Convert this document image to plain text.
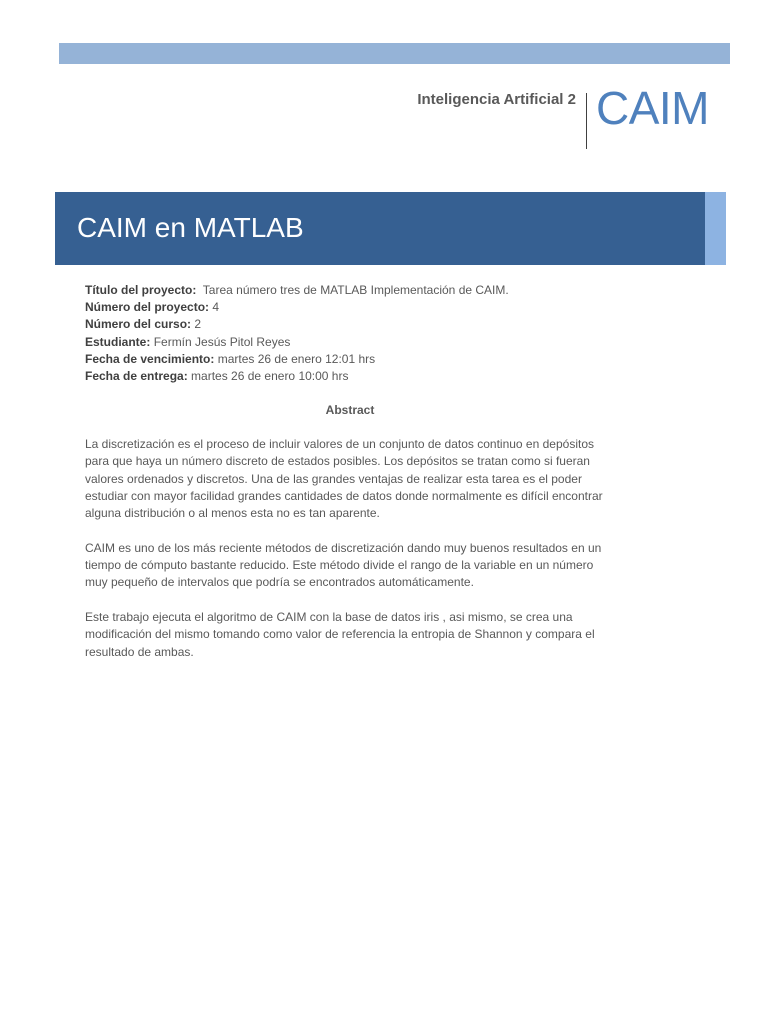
Inteligencia Artificial 2 CAIM
CAIM en MATLAB
Título del proyecto: Tarea número tres de MATLAB Implementación de CAIM.
Número del proyecto: 4
Número del curso: 2
Estudiante: Fermín Jesús Pitol Reyes
Fecha de vencimiento: martes 26 de enero 12:01 hrs
Fecha de entrega: martes 26 de enero 10:00 hrs
Abstract

La discretización es el proceso de incluir valores de un conjunto de datos continuo en depósitos para que haya un número discreto de estados posibles. Los depósitos se tratan como si fueran valores ordenados y discretos. Una de las grandes ventajas de realizar esta tarea es el poder estudiar con mayor facilidad grandes cantidades de datos donde normalmente es difícil encontrar alguna distribución o al menos esta no es tan aparente.

CAIM es uno de los más reciente métodos de discretización dando muy buenos resultados en un tiempo de cómputo bastante reducido. Este método divide el rango de la variable en un número muy pequeño de intervalos que podría se encontrados automáticamente.

Este trabajo ejecuta el algoritmo de CAIM con la base de datos iris , asi mismo, se crea una modificación del mismo tomando como valor de referencia la entropia de Shannon y compara el resultado de ambas.
